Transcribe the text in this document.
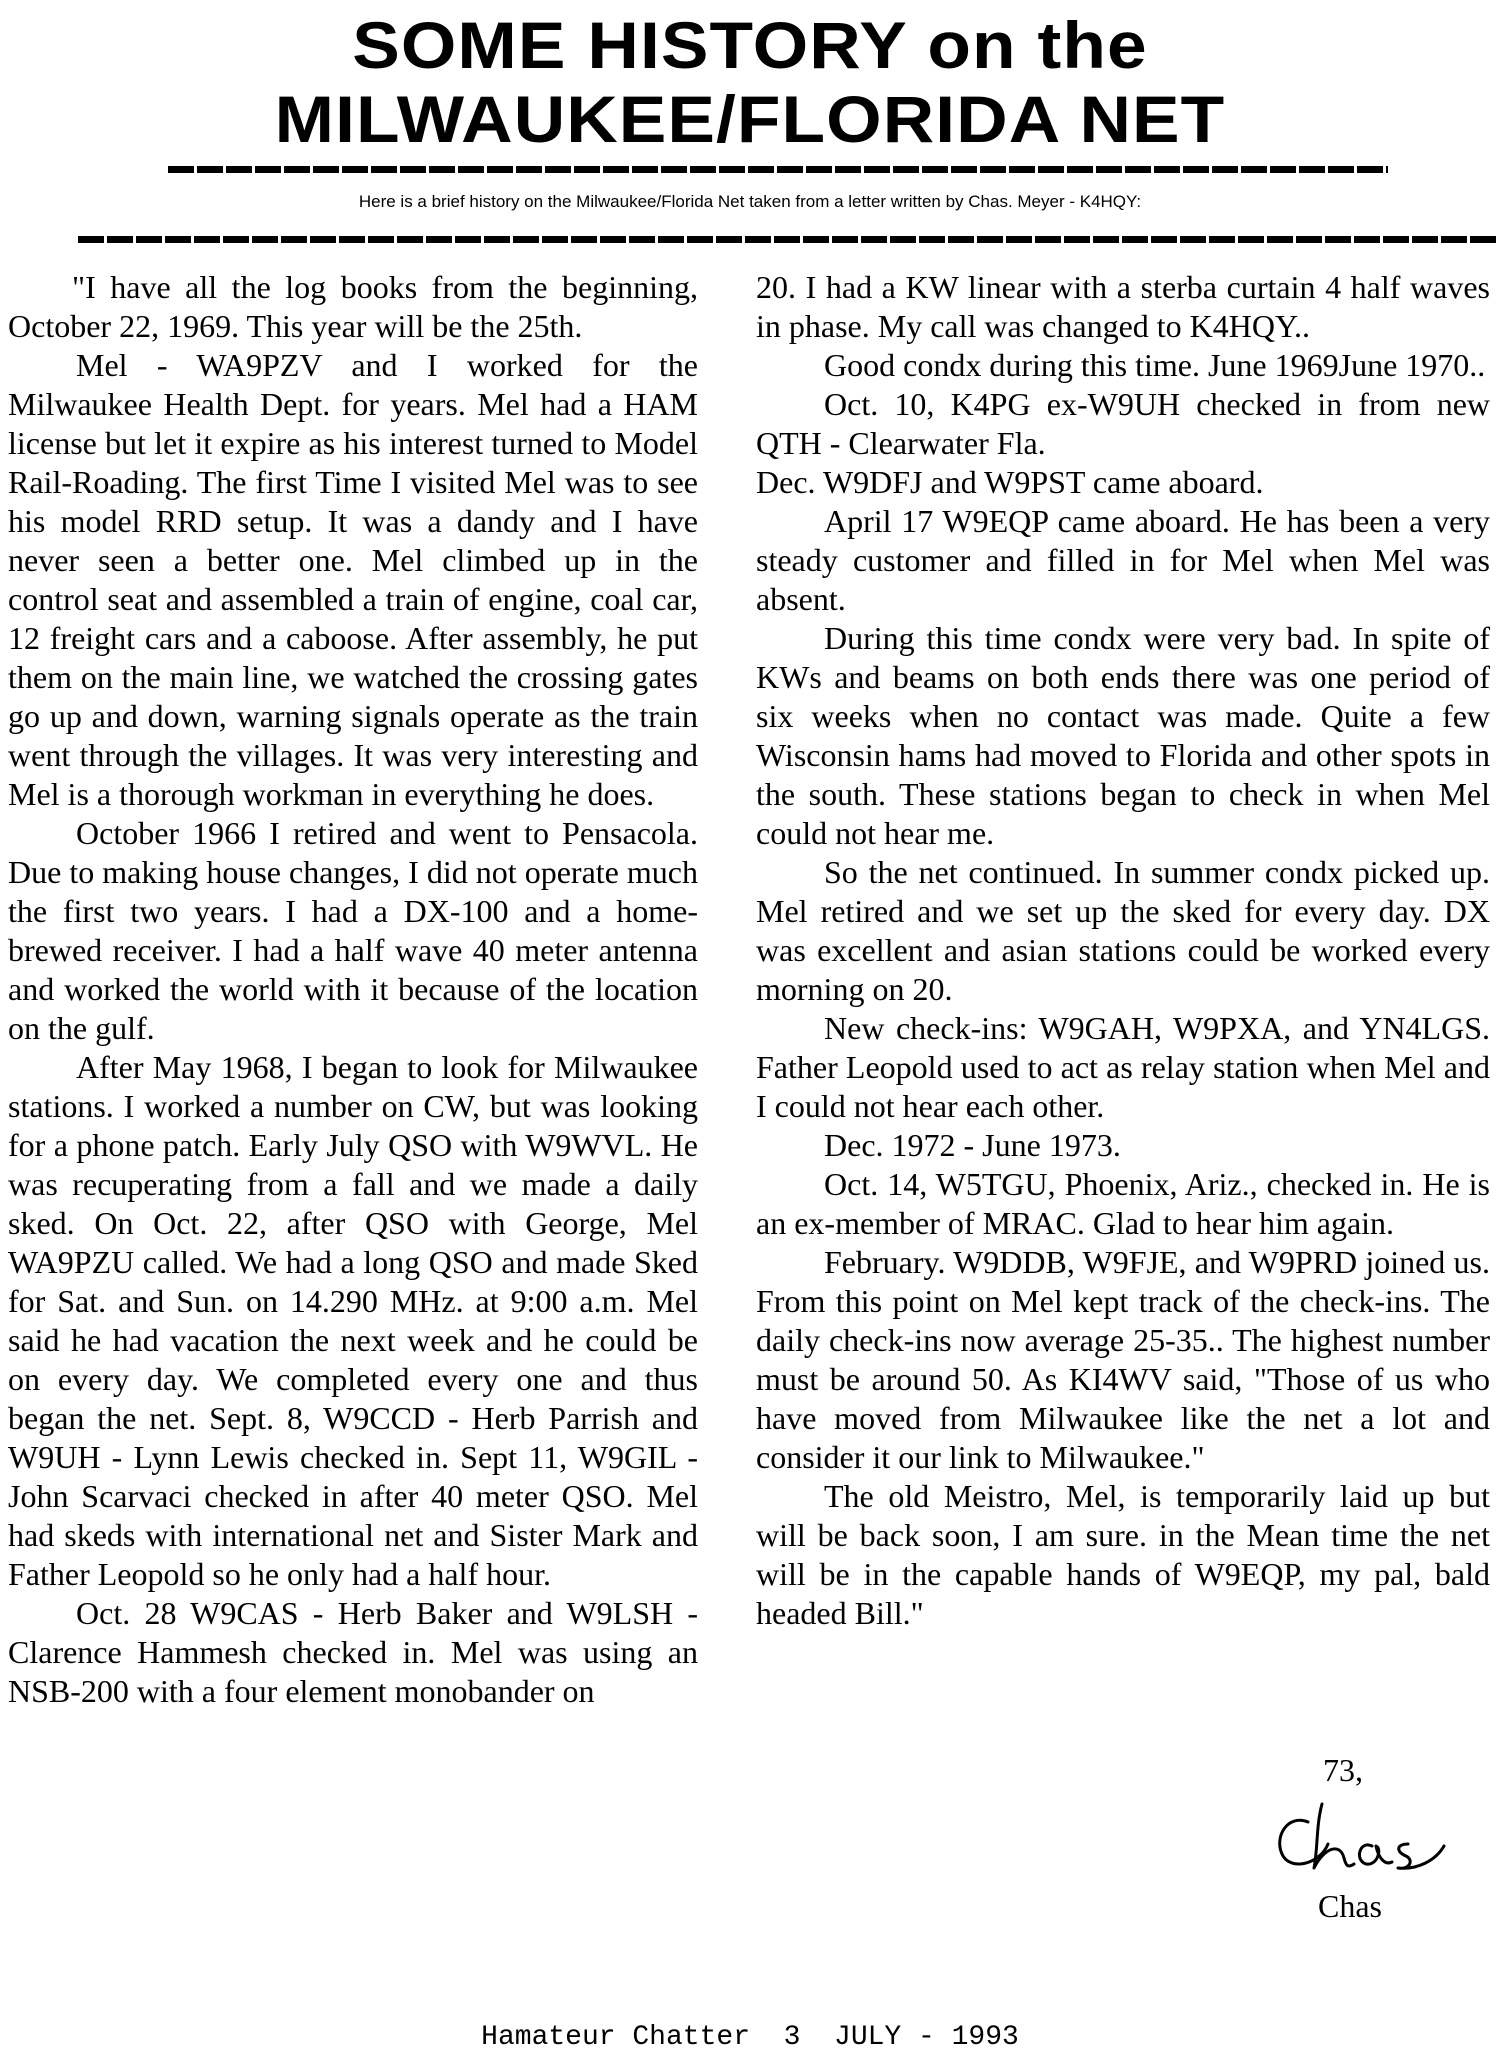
SOME HISTORY on the
MILWAUKEE/FLORIDA NET
Here is a brief history on the Milwaukee/Florida Net taken from a letter written by Chas. Meyer - K4HQY:

"I have all the log books from the beginning, October 22, 1969. This year will be the 25th.

Mel - WA9PZV and I worked for the Milwaukee Health Dept. for years. Mel had a HAM license but let it expire as his interest turned to Model Rail-Roading. The first Time I visited Mel was to see his model RRD setup. It was a dandy and I have never seen a better one. Mel climbed up in the control seat and assembled a train of engine, coal car, 12 freight cars and a caboose. After assembly, he put them on the main line, we watched the crossing gates go up and down, warning signals operate as the train went through the villages. It was very interesting and Mel is a thorough workman in everything he does.

October 1966 I retired and went to Pensacola. Due to making house changes, I did not operate much the first two years. I had a DX-100 and a home-brewed receiver. I had a half wave 40 meter antenna and worked the world with it because of the location on the gulf.

After May 1968, I began to look for Milwaukee stations. I worked a number on CW, but was looking for a phone patch. Early July QSO with W9WVL. He was recuperating from a fall and we made a daily sked. On Oct. 22, after QSO with George, Mel WA9PZU called. We had a long QSO and made Sked for Sat. and Sun. on 14.290 MHz. at 9:00 a.m. Mel said he had vacation the next week and he could be on every day. We completed every one and thus began the net. Sept. 8, W9CCD - Herb Parrish and W9UH - Lynn Lewis checked in. Sept 11, W9GIL - John Scarvaci checked in after 40 meter QSO. Mel had skeds with international net and Sister Mark and Father Leopold so he only had a half hour.

Oct. 28 W9CAS - Herb Baker and W9LSH - Clarence Hammesh checked in. Mel was using an NSB-200 with a four element monobander on

20. I had a KW linear with a sterba curtain 4 half waves in phase. My call was changed to K4HQY..

Good condx during this time. June 1969June 1970..

Oct. 10, K4PG ex-W9UH checked in from new QTH - Clearwater Fla.

Dec. W9DFJ and W9PST came aboard.

April 17 W9EQP came aboard. He has been a very steady customer and filled in for Mel when Mel was absent.

During this time condx were very bad. In spite of KWs and beams on both ends there was one period of six weeks when no contact was made. Quite a few Wisconsin hams had moved to Florida and other spots in the south. These stations began to check in when Mel could not hear me.

So the net continued. In summer condx picked up. Mel retired and we set up the sked for every day. DX was excellent and asian stations could be worked every morning on 20.

New check-ins: W9GAH, W9PXA, and YN4LGS. Father Leopold used to act as relay station when Mel and I could not hear each other.

Dec. 1972 - June 1973.

Oct. 14, W5TGU, Phoenix, Ariz., checked in. He is an ex-member of MRAC. Glad to hear him again.

February. W9DDB, W9FJE, and W9PRD joined us. From this point on Mel kept track of the check-ins. The daily check-ins now average 25-35.. The highest number must be around 50. As KI4WV said, "Those of us who have moved from Milwaukee like the net a lot and consider it our link to Milwaukee."

The old Meistro, Mel, is temporarily laid up but will be back soon, I am sure. in the Mean time the net will be in the capable hands of W9EQP, my pal, bald headed Bill."

73,
Chas
Hamateur Chatter  3  JULY - 1993
